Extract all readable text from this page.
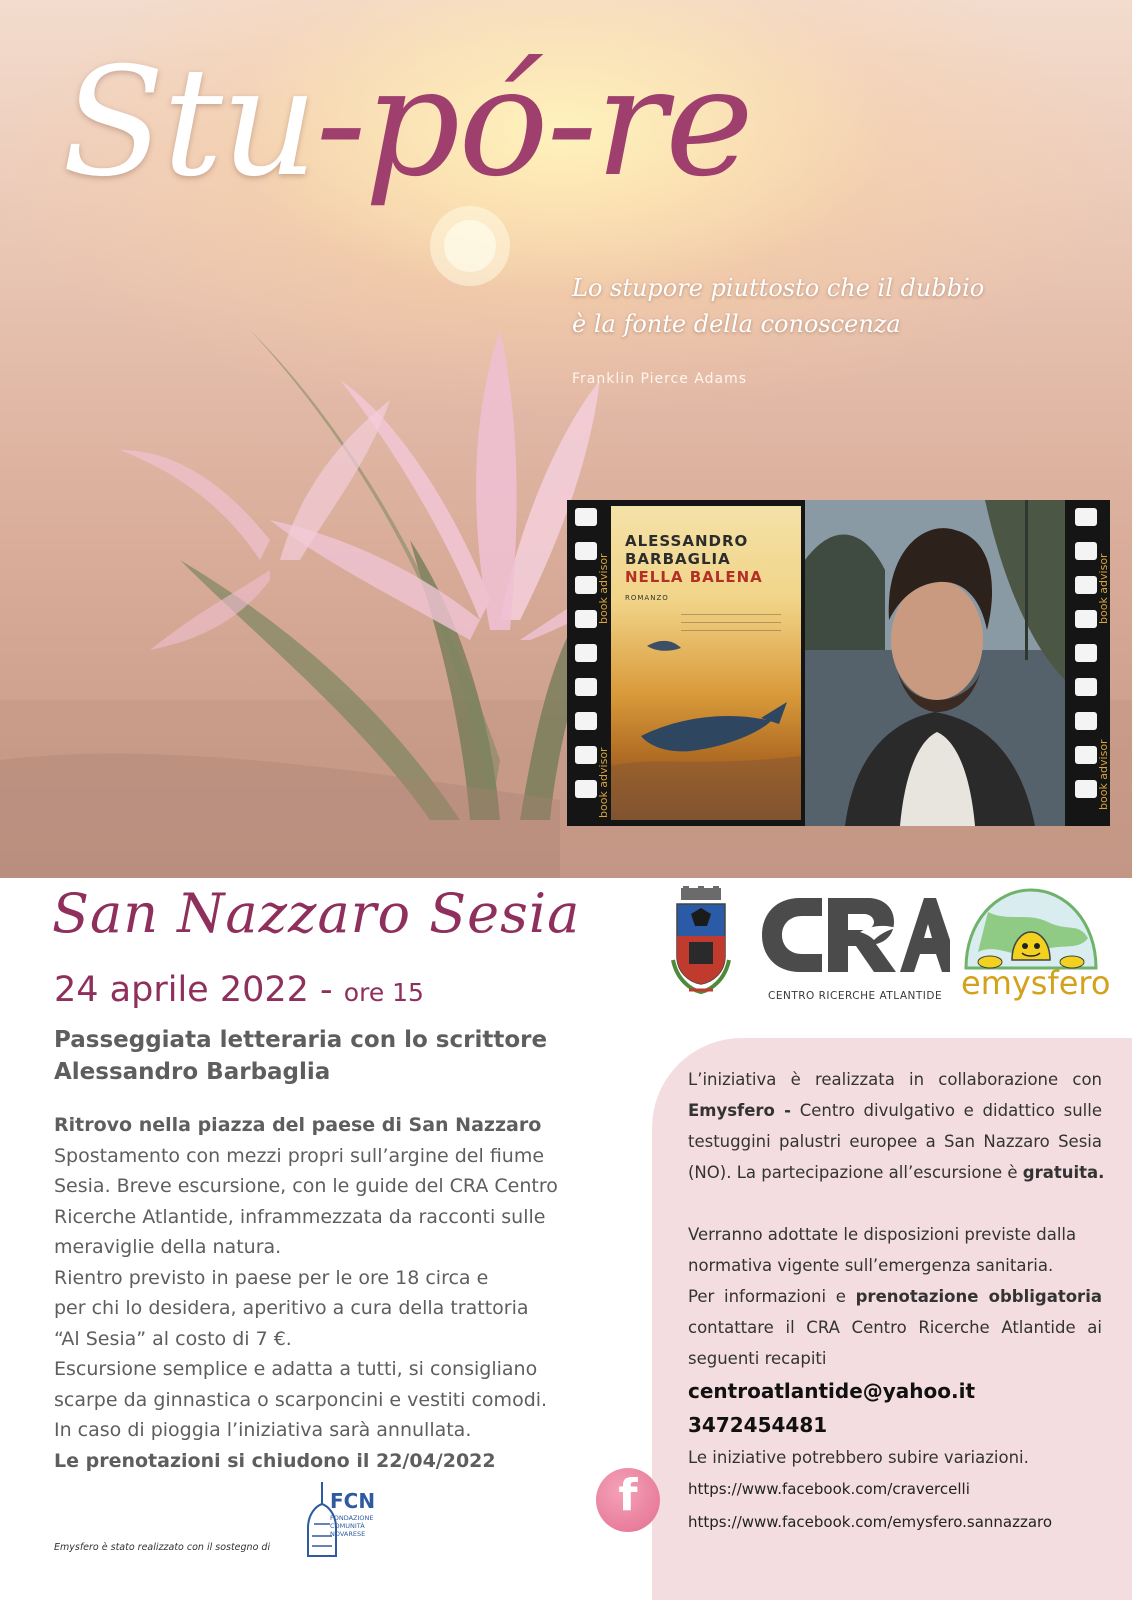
Stu-pó-re
Lo stupore piuttosto che il dubbio
è la fonte della conoscenza
Franklin Pierce Adams
book advisor
book advisor
book advisor
book advisor
ALESSANDRO
BARBAGLIA
NELLA BALENA
ROMANZO
San Nazzaro Sesia
24 aprile 2022 - ore 15
Passeggiata letteraria con lo scrittore
Alessandro Barbaglia
Ritrovo nella piazza del paese di San Nazzaro
Spostamento con mezzi propri sull’argine del fiume
Sesia. Breve escursione, con le guide del CRA Centro
Ricerche Atlantide, inframmezzata da racconti sulle
meraviglie della natura.
Rientro previsto in paese per le ore 18 circa e
per chi lo desidera, aperitivo a cura della trattoria
“Al Sesia” al costo di 7 €.
Escursione semplice e adatta a tutti, si consigliano
scarpe da ginnastica o scarponcini e vestiti comodi.
In caso di pioggia l’iniziativa sarà annullata.
Le prenotazioni si chiudono il 22/04/2022
Emysfero è stato realizzato con il sostegno di
FCN
FONDAZIONE
COMUNITÀ
NOVARESE
CENTRO RICERCHE ATLANTIDE emysfero
L’iniziativa è realizzata in collaborazione con
Emysfero - Centro divulgativo e didattico sulle
testuggini palustri europee a San Nazzaro Sesia
(NO). La partecipazione all’escursione è gratuita.
Verranno adottate le disposizioni previste dalla
normativa vigente sull’emergenza sanitaria.
Per informazioni e prenotazione obbligatoria
contattare il CRA Centro Ricerche Atlantide ai
seguenti recapiti
centroatlantide@yahoo.it
3472454481
Le iniziative potrebbero subire variazioni.
https://www.facebook.com/cravercelli
https://www.facebook.com/emysfero.sannazzaro
f
